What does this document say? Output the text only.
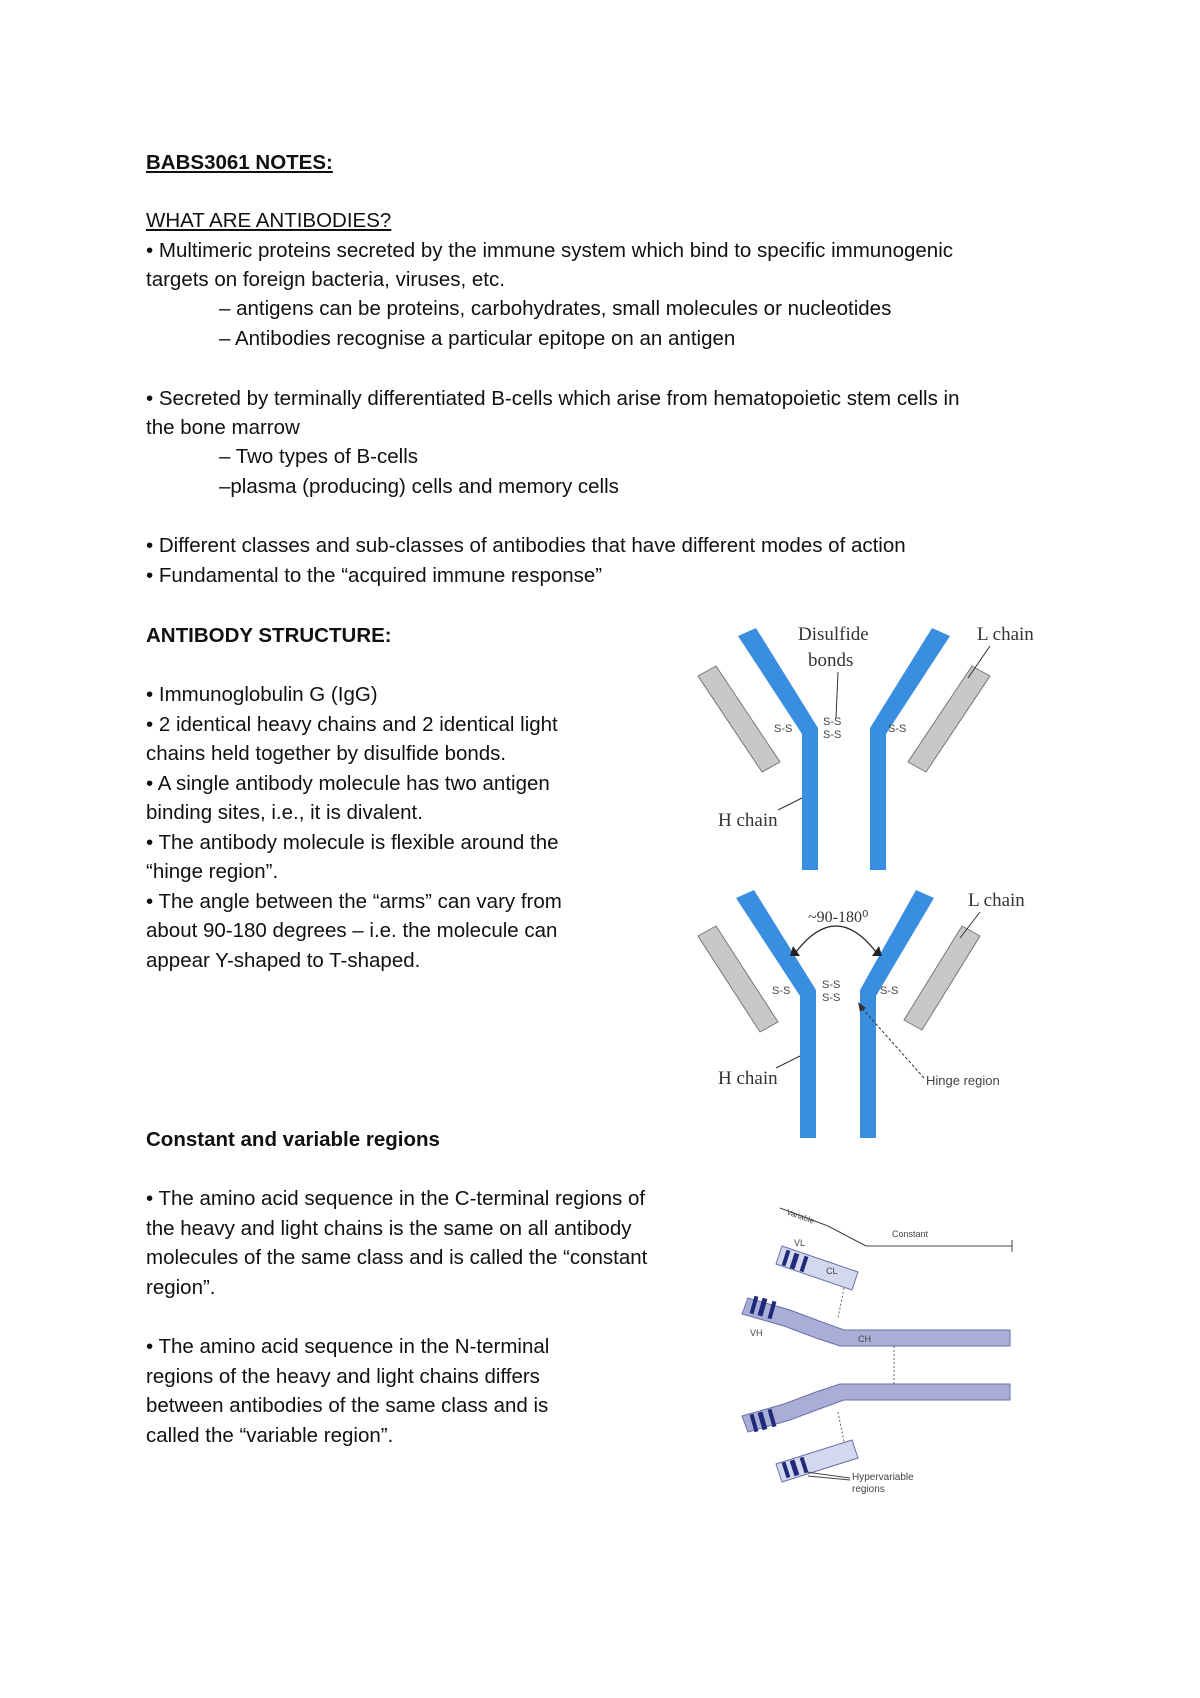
BABS3061 NOTES:
WHAT ARE ANTIBODIES?
• Multimeric proteins secreted by the immune system which bind to specific immunogenic
targets on foreign bacteria, viruses, etc.
– antigens can be proteins, carbohydrates, small molecules or nucleotides
– Antibodies recognise a particular epitope on an antigen
• Secreted by terminally differentiated B-cells which arise from hematopoietic stem cells in
the bone marrow
– Two types of B-cells
–plasma (producing) cells and memory cells
• Different classes and sub-classes of antibodies that have different modes of action
• Fundamental to the “acquired immune response”
ANTIBODY STRUCTURE:
• Immunoglobulin G (IgG)
• 2 identical heavy chains and 2 identical light
chains held together by disulfide bonds.
• A single antibody molecule has two antigen
binding sites, i.e., it is divalent.
• The antibody molecule is flexible around the
“hinge region”.
• The angle between the “arms” can vary from
about 90-180 degrees – i.e. the molecule can
appear Y-shaped to T-shaped.
Constant and variable regions
• The amino acid sequence in the C-terminal regions of
the heavy and light chains is the same on all antibody
molecules of the same class and is called the “constant
region”.
• The amino acid sequence in the N-terminal
regions of the heavy and light chains differs
between antibodies of the same class and is
called the “variable region”.
S-S
S-S
S-S	S-S
Disulfide
bonds
L chain
H chain
S-S	S-S
S-S
S-S
~90-180⁰
L chain
H chain	Hinge region
Variable
Constant
VL
CL
VH
CH
Hypervariable
regions
